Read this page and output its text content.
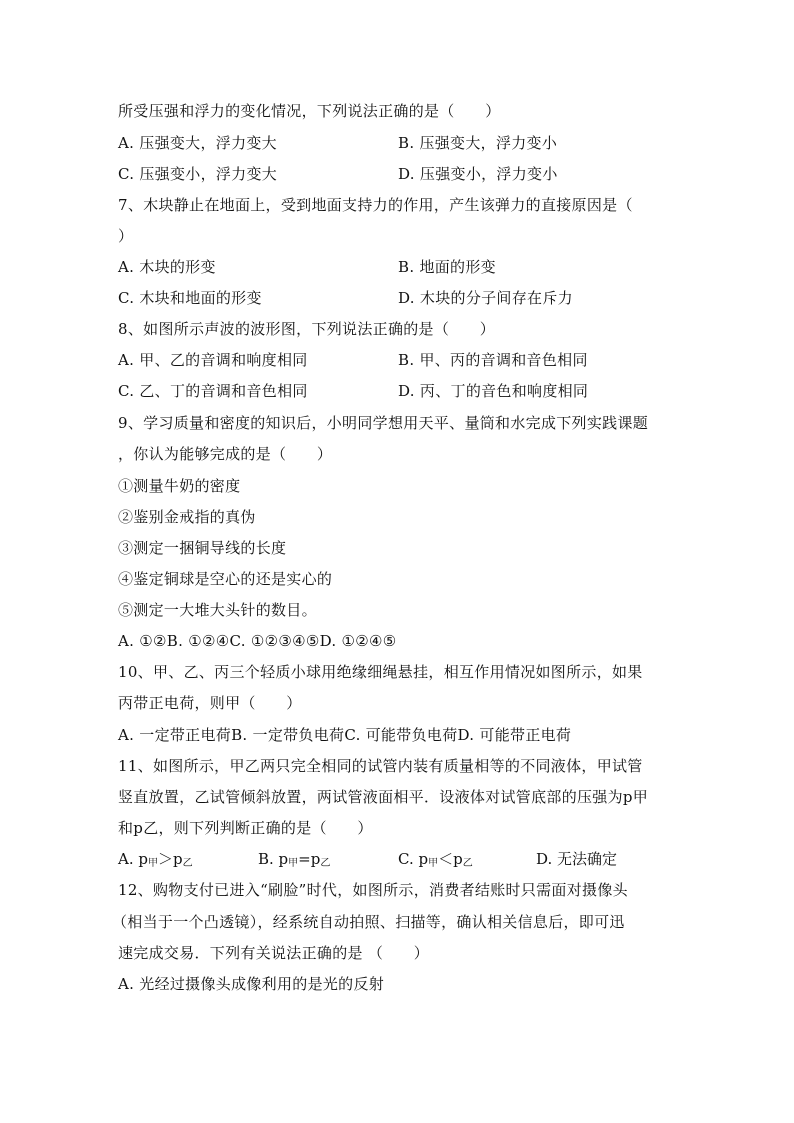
所受压强和浮力的变化情况，下列说法正确的是（　　）
A. 压强变大，浮力变大	B. 压强变大，浮力变小
C. 压强变小，浮力变大	D. 压强变小，浮力变小
7、木块静止在地面上，受到地面支持力的作用，产生该弹力的直接原因是（
）
A. 木块的形变	B. 地面的形变
C. 木块和地面的形变	D. 木块的分子间存在斥力
8、如图所示声波的波形图，下列说法正确的是（　　）
A. 甲、乙的音调和响度相同	B. 甲、丙的音调和音色相同
C. 乙、丁的音调和音色相同	D. 丙、丁的音色和响度相同
9、学习质量和密度的知识后，小明同学想用天平、量筒和水完成下列实践课题
，你认为能够完成的是（　　）
①测量牛奶的密度
②鉴别金戒指的真伪
③测定一捆铜导线的长度
④鉴定铜球是空心的还是实心的
⑤测定一大堆大头针的数目。
A. ①②B. ①②④C. ①②③④⑤D. ①②④⑤
10、甲、乙、丙三个轻质小球用绝缘细绳悬挂，相互作用情况如图所示，如果
丙带正电荷，则甲（　　）
A. 一定带正电荷B. 一定带负电荷C. 可能带负电荷D. 可能带正电荷
11、如图所示，甲乙两只完全相同的试管内装有质量相等的不同液体，甲试管
竖直放置，乙试管倾斜放置，两试管液面相平．设液体对试管底部的压强为p甲
和p乙，则下列判断正确的是（　　）
A. $p_甲>p_乙$	B. $p_甲=p_乙$	C. $p_甲<p_乙$	D. 无法确定
12、购物支付已进入“刷脸”时代，如图所示，消费者结账时只需面对摄像头
（相当于一个凸透镜），经系统自动拍照、扫描等，确认相关信息后，即可迅
速完成交易．下列有关说法正确的是 （　　）
A. 光经过摄像头成像利用的是光的反射
